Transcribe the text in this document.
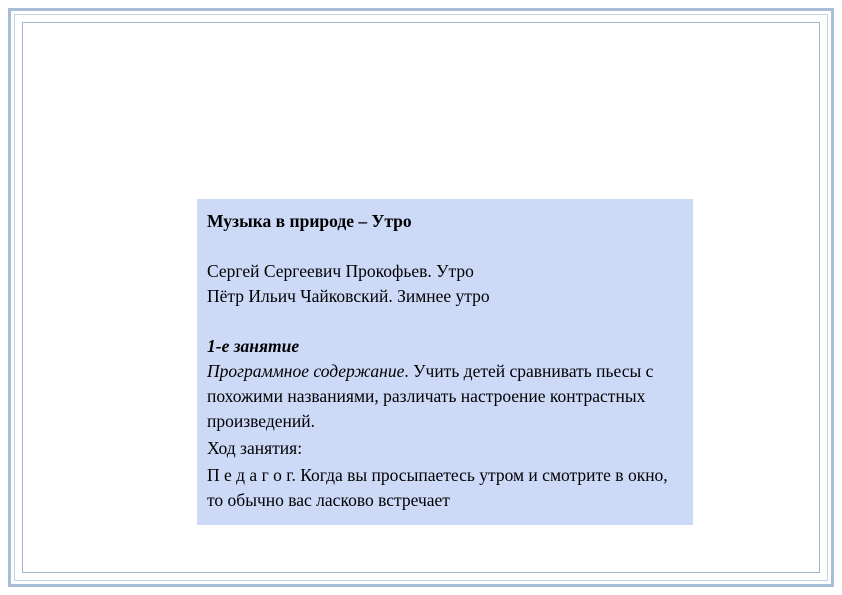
Музыка в природе – Утро
Сергей Сергеевич Прокофьев. Утро
Пётр Ильич Чайковский. Зимнее утро
1-е занятие
Программное содержание. Учить детей сравнивать пьесы с похожими названиями, различать настроение контрастных произведений.
Ход занятия:
П е д а г о г. Когда вы просыпаетесь утром и смотрите в окно, то обычно вас ласково встречает
